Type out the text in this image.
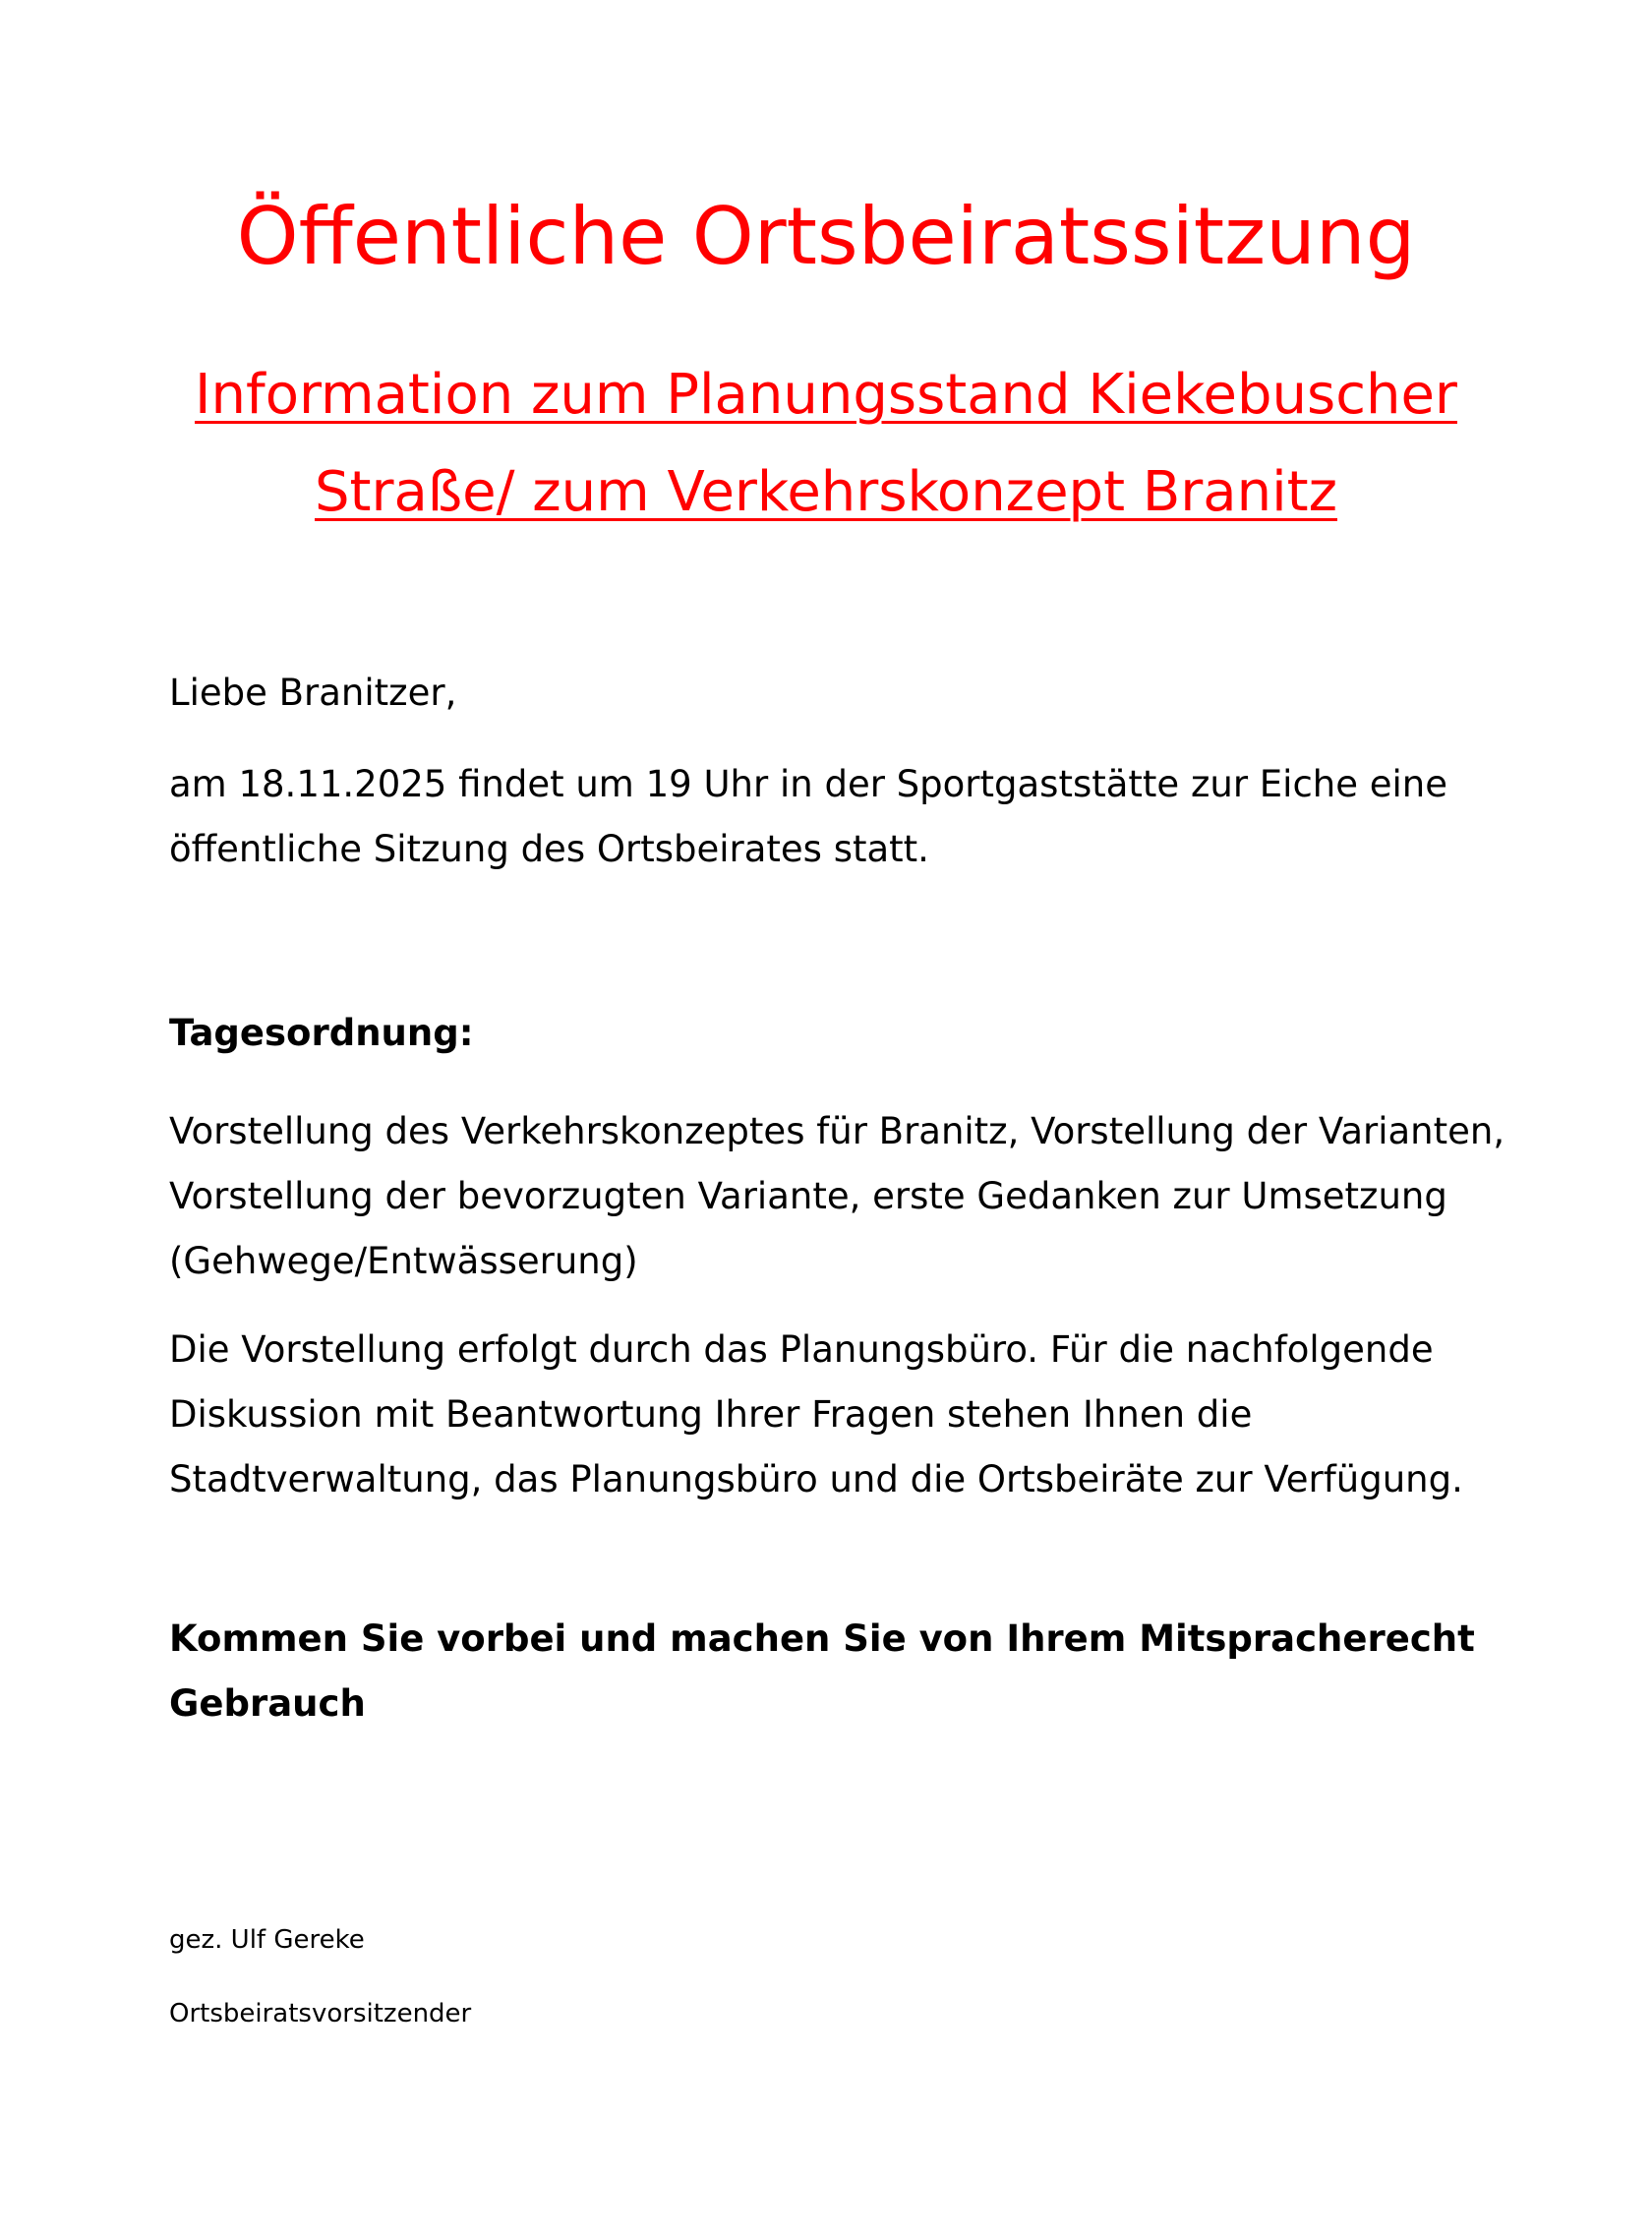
Öffentliche Ortsbeiratssitzung
Information zum Planungsstand Kiekebuscher Straße/ zum Verkehrskonzept Branitz
Liebe Branitzer,
am 18.11.2025 findet um 19 Uhr in der Sportgaststätte zur Eiche eine öffentliche Sitzung des Ortsbeirates statt.
Tagesordnung:
Vorstellung des Verkehrskonzeptes für Branitz, Vorstellung der Varianten, Vorstellung der bevorzugten Variante, erste Gedanken zur Umsetzung (Gehwege/Entwässerung)
Die Vorstellung erfolgt durch das Planungsbüro. Für die nachfolgende Diskussion mit Beantwortung Ihrer Fragen stehen Ihnen die Stadtverwaltung, das Planungsbüro und die Ortsbeiräte zur Verfügung.
Kommen Sie vorbei und machen Sie von Ihrem Mitspracherecht Gebrauch
gez. Ulf Gereke
Ortsbeiratsvorsitzender
